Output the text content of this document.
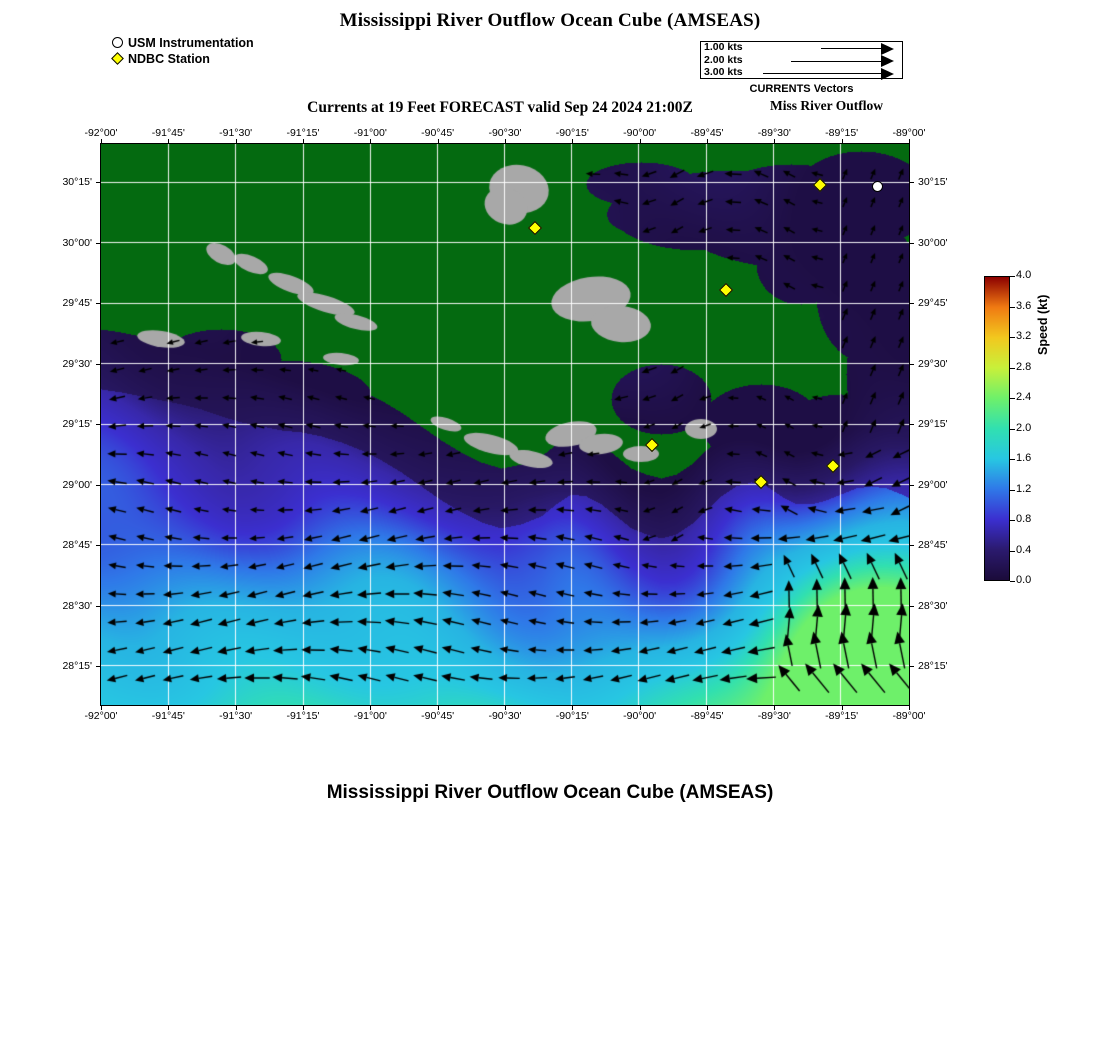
Mississippi River Outflow Ocean Cube (AMSEAS)
USM Instrumentation
NDBC Station
1.00 kts
2.00 kts
3.00 kts
CURRENTS Vectors
Currents at 19 Feet FORECAST valid Sep 24 2024 21:00Z	Miss River Outflow
4.0
3.6
3.2
2.8
2.4
2.0
1.6
1.2
0.8
0.4
0.0
Speed (kt)
Mississippi River Outflow Ocean Cube (AMSEAS)
-92°00'
-92°00'
-91°45'
-91°45'
-91°30'
-91°30'
-91°15'
-91°15'
-91°00'
-91°00'
-90°45'
-90°45'
-90°30'
-90°30'
-90°15'
-90°15'
-90°00'
-90°00'
-89°45'
-89°45'
-89°30'
-89°30'
-89°15'
-89°15'
-89°00'
-89°00'
30°15'	30°15'
30°00'	30°00'
29°45'	29°45'
29°30'	29°30'
29°15'	29°15'
29°00'	29°00'
28°45'	28°45'
28°30'	28°30'
28°15'	28°15'
